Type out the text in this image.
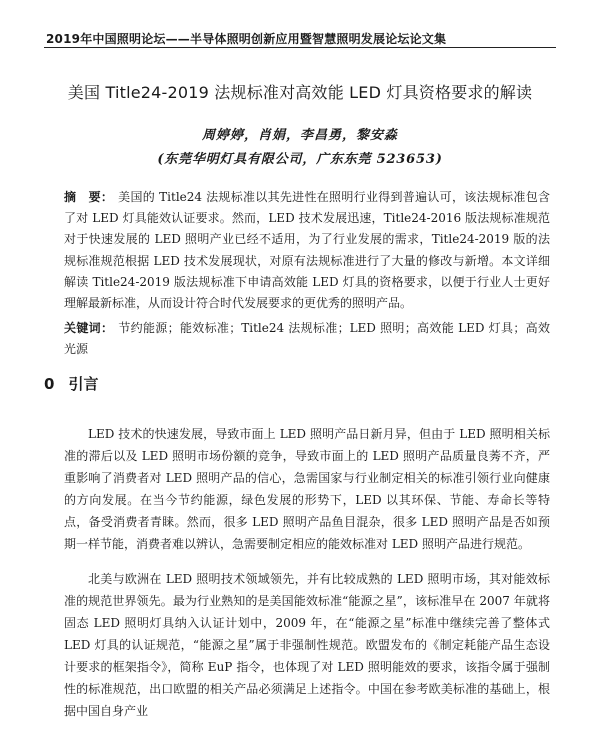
2019年中国照明论坛——半导体照明创新应用暨智慧照明发展论坛论文集
美国 Title24-2019 法规标准对高效能 LED 灯具资格要求的解读
周婷婷，肖娟，李昌勇，黎安淼
(东莞华明灯具有限公司，广东东莞 523653)
摘　要： 美国的 Title24 法规标准以其先进性在照明行业得到普遍认可，该法规标准包含了对 LED 灯具能效认证要求。然而，LED 技术发展迅速，Title24-2016 版法规标准规范对于快速发展的 LED 照明产业已经不适用，为了行业发展的需求，Title24-2019 版的法规标准规范根据 LED 技术发展现状，对原有法规标准进行了大量的修改与新增。本文详细解读 Title24-2019 版法规标准下申请高效能 LED 灯具的资格要求，以便于行业人士更好理解最新标准，从而设计符合时代发展要求的更优秀的照明产品。
关键词： 节约能源；能效标准；Title24 法规标准；LED 照明；高效能 LED 灯具；高效光源
0 引言

LED 技术的快速发展，导致市面上 LED 照明产品日新月异，但由于 LED 照明相关标准的滞后以及 LED 照明市场份额的竞争，导致市面上的 LED 照明产品质量良莠不齐，严重影响了消费者对 LED 照明产品的信心，急需国家与行业制定相关的标准引领行业向健康的方向发展。在当今节约能源，绿色发展的形势下，LED 以其环保、节能、寿命长等特点，备受消费者青睐。然而，很多 LED 照明产品鱼目混杂，很多 LED 照明产品是否如预期一样节能，消费者难以辨认，急需要制定相应的能效标准对 LED 照明产品进行规范。

北美与欧洲在 LED 照明技术领域领先，并有比较成熟的 LED 照明市场，其对能效标准的规范世界领先。最为行业熟知的是美国能效标准“能源之星”，该标准早在 2007 年就将固态 LED 照明灯具纳入认证计划中，2009 年，在“能源之星”标准中继续完善了整体式 LED 灯具的认证规范，“能源之星”属于非强制性规范。欧盟发布的《制定耗能产品生态设计要求的框架指令》，简称 EuP 指令，也体现了对 LED 照明能效的要求，该指令属于强制性的标准规范，出口欧盟的相关产品必须满足上述指令。中国在参考欧美标准的基础上，根据中国自身产业
